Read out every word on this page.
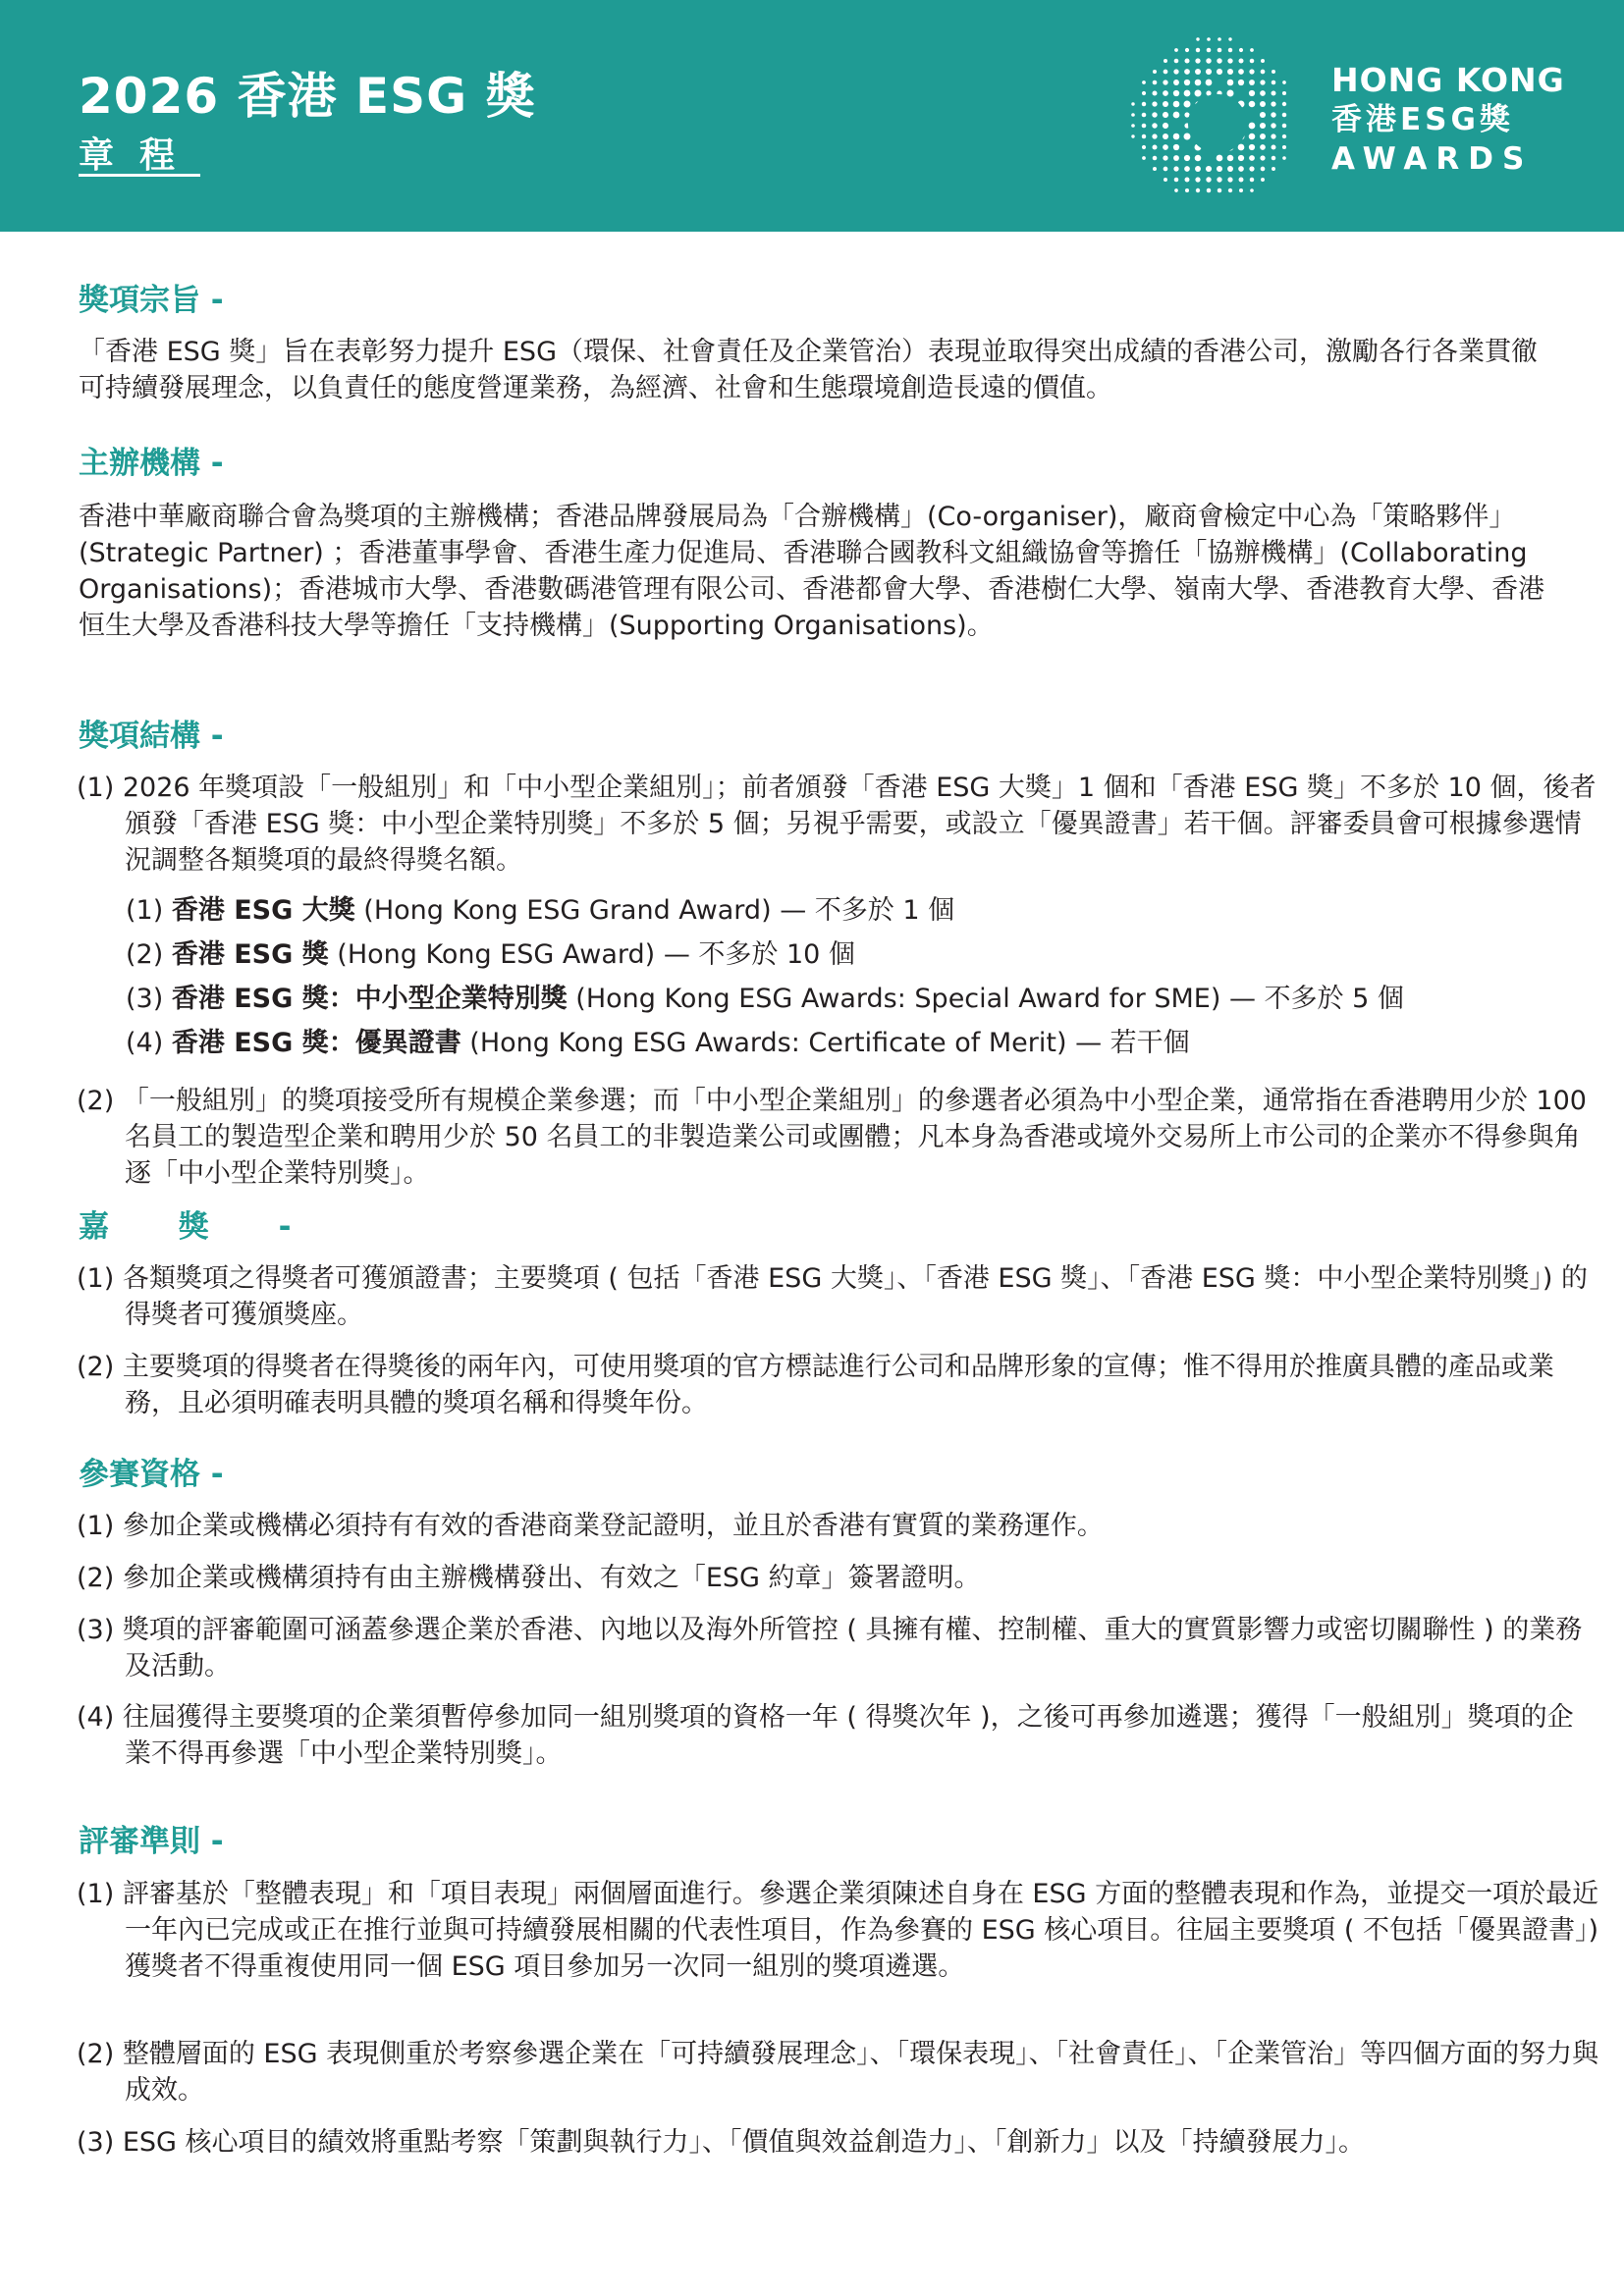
2026 香港 ESG 獎
章程
HONG KONG
香港ESG獎
AWARDS
獎項宗旨 -

「香港 ESG 獎」旨在表彰努力提升 ESG（環保、社會責任及企業管治）表現並取得突出成績的香港公司，激勵各行各業貫徹可持續發展理念，以負責任的態度營運業務，為經濟、社會和生態環境創造長遠的價值。

主辦機構 -

香港中華廠商聯合會為獎項的主辦機構；香港品牌發展局為「合辦機構」(Co-organiser)，廠商會檢定中心為「策略夥伴」(Strategic Partner) ；香港董事學會、香港生產力促進局、香港聯合國教科文組織協會等擔任「協辦機構」(Collaborating Organisations)；香港城市大學、香港數碼港管理有限公司、香港都會大學、香港樹仁大學、嶺南大學、香港教育大學、香港恒生大學及香港科技大學等擔任「支持機構」(Supporting Organisations)。

獎項結構 -

(1) 2026 年獎項設「一般組別」和「中小型企業組別」；前者頒發「香港 ESG 大獎」1 個和「香港 ESG 獎」不多於 10 個，後者頒發「香港 ESG 獎：中小型企業特別獎」不多於 5 個；另視乎需要，或設立「優異證書」若干個。評審委員會可根據參選情況調整各類獎項的最終得獎名額。

(1) 香港 ESG 大獎 (Hong Kong ESG Grand Award) — 不多於 1 個

(2) 香港 ESG 獎 (Hong Kong ESG Award) — 不多於 10 個

(3) 香港 ESG 獎：中小型企業特別獎 (Hong Kong ESG Awards: Special Award for SME) — 不多於 5 個

(4) 香港 ESG 獎：優異證書 (Hong Kong ESG Awards: Certificate of Merit) — 若干個

(2) 「一般組別」的獎項接受所有規模企業參選；而「中小型企業組別」的參選者必須為中小型企業，通常指在香港聘用少於 100 名員工的製造型企業和聘用少於 50 名員工的非製造業公司或團體；凡本身為香港或境外交易所上市公司的企業亦不得參與角逐「中小型企業特別獎」。

嘉 獎 -

(1) 各類獎項之得獎者可獲頒證書；主要獎項 ( 包括「香港 ESG 大獎」、「香港 ESG 獎」、「香港 ESG 獎：中小型企業特別獎」) 的得獎者可獲頒獎座。

(2) 主要獎項的得獎者在得獎後的兩年內，可使用獎項的官方標誌進行公司和品牌形象的宣傳；惟不得用於推廣具體的產品或業務，且必須明確表明具體的獎項名稱和得獎年份。

參賽資格 -

(1) 參加企業或機構必須持有有效的香港商業登記證明，並且於香港有實質的業務運作。

(2) 參加企業或機構須持有由主辦機構發出、有效之「ESG 約章」簽署證明。

(3) 獎項的評審範圍可涵蓋參選企業於香港、內地以及海外所管控 ( 具擁有權、控制權、重大的實質影響力或密切關聯性 ) 的業務及活動。

(4) 往屆獲得主要獎項的企業須暫停參加同一組別獎項的資格一年 ( 得獎次年 )，之後可再參加遴選；獲得「一般組別」獎項的企業不得再參選「中小型企業特別獎」。

評審準則 -

(1) 評審基於「整體表現」和「項目表現」兩個層面進行。參選企業須陳述自身在 ESG 方面的整體表現和作為，並提交一項於最近一年內已完成或正在推行並與可持續發展相關的代表性項目，作為參賽的 ESG 核心項目。往屆主要獎項 ( 不包括「優異證書」) 獲獎者不得重複使用同一個 ESG 項目參加另一次同一組別的獎項遴選。

(2) 整體層面的 ESG 表現側重於考察參選企業在「可持續發展理念」、「環保表現」、「社會責任」、「企業管治」等四個方面的努力與成效。

(3) ESG 核心項目的績效將重點考察「策劃與執行力」、「價值與效益創造力」、「創新力」以及「持續發展力」。
